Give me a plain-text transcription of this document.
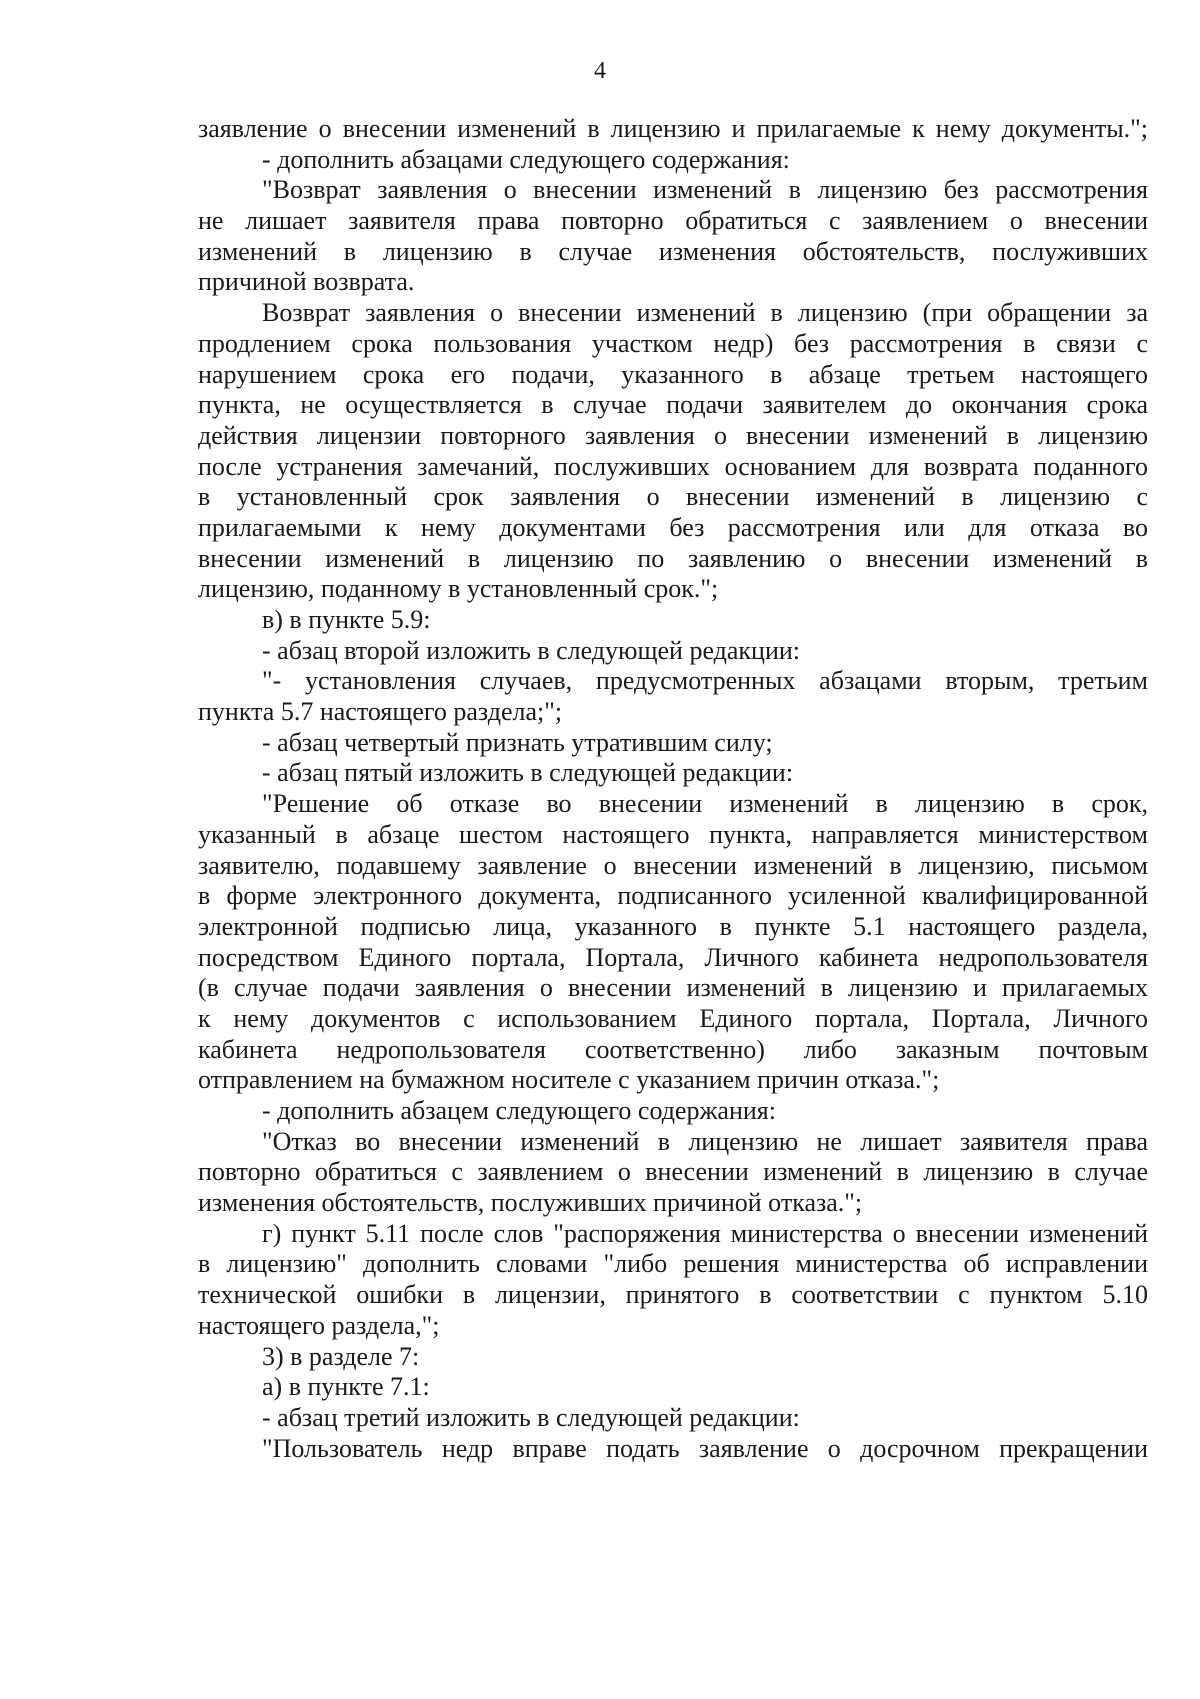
4
заявление о внесении изменений в лицензию и прилагаемые к нему документы.";
- дополнить абзацами следующего содержания:
"Возврат заявления о внесении изменений в лицензию без рассмотрения
не лишает заявителя права повторно обратиться с заявлением о внесении
изменений в лицензию в случае изменения обстоятельств, послуживших
причиной возврата.
Возврат заявления о внесении изменений в лицензию (при обращении за
продлением срока пользования участком недр) без рассмотрения в связи с
нарушением срока его подачи, указанного в абзаце третьем настоящего
пункта, не осуществляется в случае подачи заявителем до окончания срока
действия лицензии повторного заявления о внесении изменений в лицензию
после устранения замечаний, послуживших основанием для возврата поданного
в установленный срок заявления о внесении изменений в лицензию с
прилагаемыми к нему документами без рассмотрения или для отказа во
внесении изменений в лицензию по заявлению о внесении изменений в
лицензию, поданному в установленный срок.";
в) в пункте 5.9:
- абзац второй изложить в следующей редакции:
"- установления случаев, предусмотренных абзацами вторым, третьим
пункта 5.7 настоящего раздела;";
- абзац четвертый признать утратившим силу;
- абзац пятый изложить в следующей редакции:
"Решение об отказе во внесении изменений в лицензию в срок,
указанный в абзаце шестом настоящего пункта, направляется министерством
заявителю, подавшему заявление о внесении изменений в лицензию, письмом
в форме электронного документа, подписанного усиленной квалифицированной
электронной подписью лица, указанного в пункте 5.1 настоящего раздела,
посредством Единого портала, Портала, Личного кабинета недропользователя
(в случае подачи заявления о внесении изменений в лицензию и прилагаемых
к нему документов с использованием Единого портала, Портала, Личного
кабинета недропользователя соответственно) либо заказным почтовым
отправлением на бумажном носителе с указанием причин отказа.";
- дополнить абзацем следующего содержания:
"Отказ во внесении изменений в лицензию не лишает заявителя права
повторно обратиться с заявлением о внесении изменений в лицензию в случае
изменения обстоятельств, послуживших причиной отказа.";
г) пункт 5.11 после слов "распоряжения министерства о внесении изменений
в лицензию" дополнить словами "либо решения министерства об исправлении
технической ошибки в лицензии, принятого в соответствии с пунктом 5.10
настоящего раздела,";
3) в разделе 7:
а) в пункте 7.1:
- абзац третий изложить в следующей редакции:
"Пользователь недр вправе подать заявление о досрочном прекращении
